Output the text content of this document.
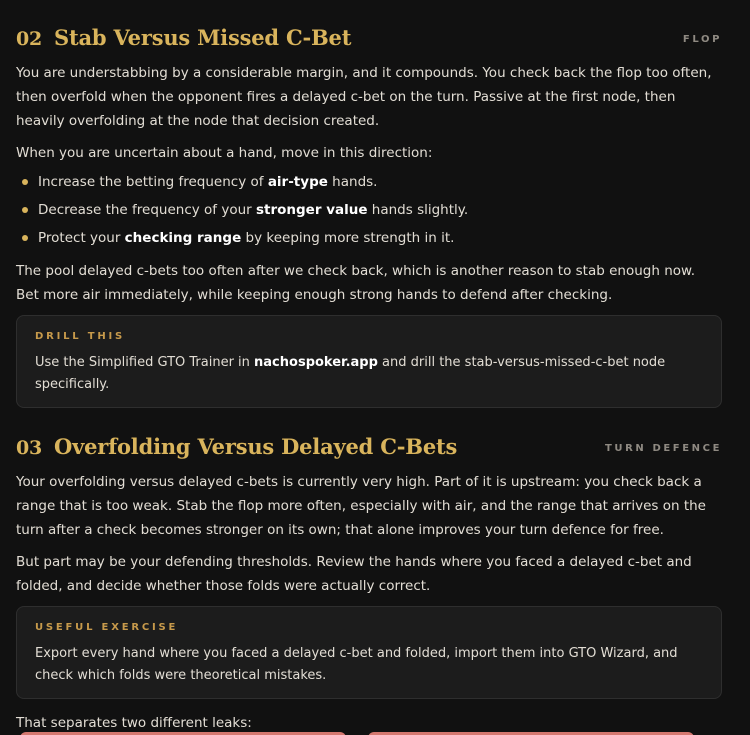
02 Stab Versus Missed C-Bet	FLOP

You are understabbing by a considerable margin, and it compounds. You check back the flop too often, then overfold when the opponent fires a delayed c-bet on the turn. Passive at the first node, then heavily overfolding at the node that decision created.

When you are uncertain about a hand, move in this direction:

Increase the betting frequency of air-type hands.
Decrease the frequency of your stronger value hands slightly.
Protect your checking range by keeping more strength in it.

The pool delayed c-bets too often after we check back, which is another reason to stab enough now. Bet more air immediately, while keeping enough strong hands to defend after checking.

DRILL THIS
Use the Simplified GTO Trainer in nachospoker.app and drill the stab-versus-missed-c-bet node specifically.
03 Overfolding Versus Delayed C-Bets	TURN DEFENCE

Your overfolding versus delayed c-bets is currently very high. Part of it is upstream: you check back a range that is too weak. Stab the flop more often, especially with air, and the range that arrives on the turn after a check becomes stronger on its own; that alone improves your turn defence for free.

But part may be your defending thresholds. Review the hands where you faced a delayed c-bet and folded, and decide whether those folds were actually correct.

USEFUL EXERCISE
Export every hand where you faced a delayed c-bet and folded, import them into GTO Wizard, and check which folds were theoretical mistakes.

That separates two different leaks:
